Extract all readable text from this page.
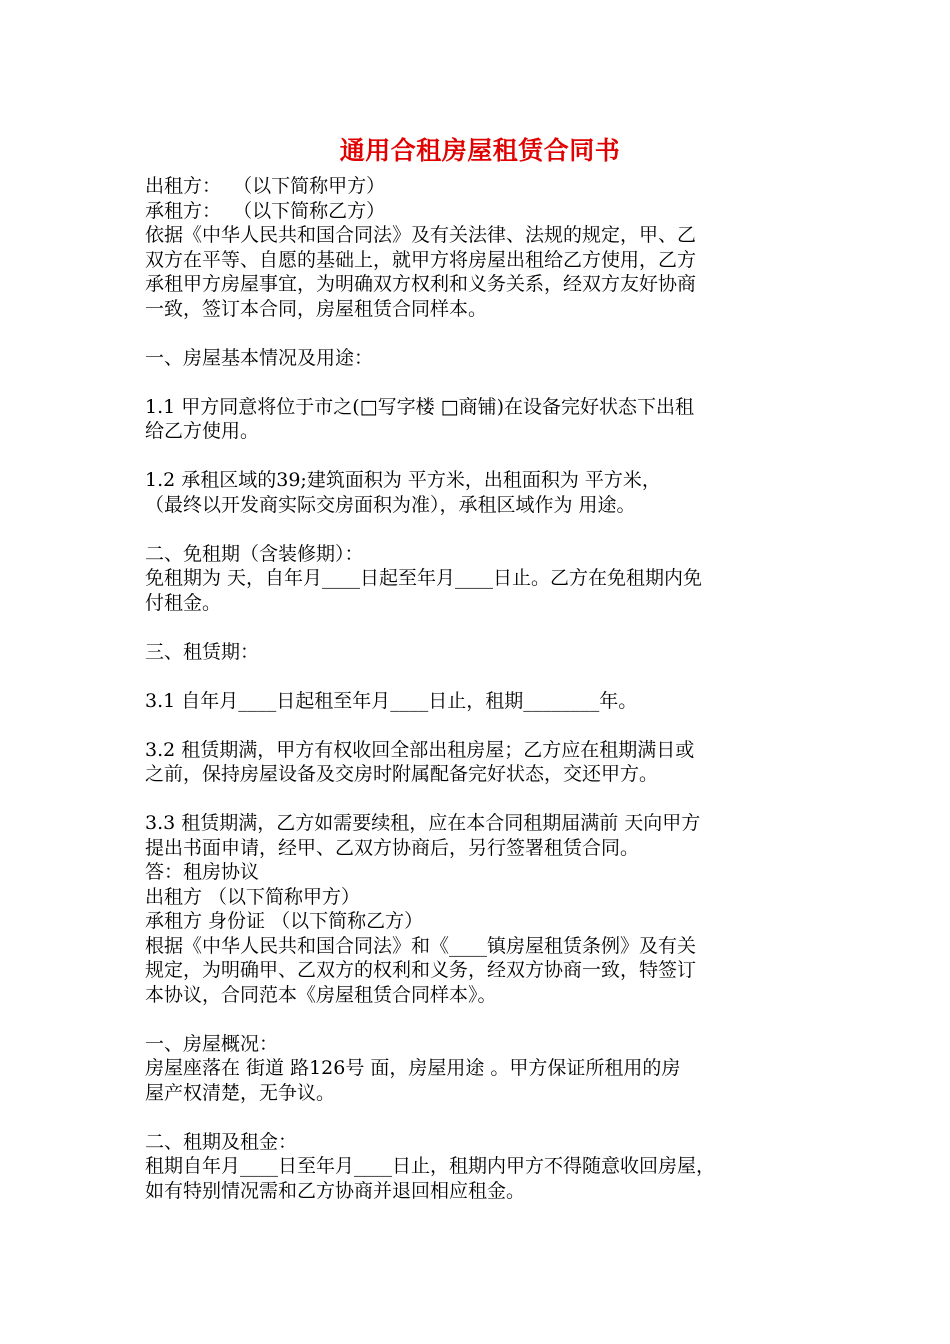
通用合租房屋租赁合同书
出租方：  （以下简称甲方）
承租方：  （以下简称乙方）
依据《中华人民共和国合同法》及有关法律、法规的规定，甲、乙
双方在平等、自愿的基础上，就甲方将房屋出租给乙方使用，乙方
承租甲方房屋事宜，为明确双方权利和义务关系，经双方友好协商
一致，签订本合同，房屋租赁合同样本。
一、房屋基本情况及用途：
1.1 甲方同意将位于市之(□写字楼 □商铺)在设备完好状态下出租
给乙方使用。
1.2 承租区域的39;建筑面积为 平方米，出租面积为 平方米，
（最终以开发商实际交房面积为准），承租区域作为 用途。
二、免租期（含装修期）：
免租期为 天，自年月____日起至年月____日止。乙方在免租期内免
付租金。
三、租赁期：
3.1 自年月____日起租至年月____日止，租期________年。
3.2 租赁期满，甲方有权收回全部出租房屋；乙方应在租期满日或
之前，保持房屋设备及交房时附属配备完好状态，交还甲方。
3.3 租赁期满，乙方如需要续租，应在本合同租期届满前 天向甲方
提出书面申请，经甲、乙双方协商后，另行签署租赁合同。
答：租房协议
出租方 （以下简称甲方）
承租方 身份证 （以下简称乙方）
根据《中华人民共和国合同法》和《____镇房屋租赁条例》及有关
规定，为明确甲、乙双方的权利和义务，经双方协商一致，特签订
本协议，合同范本《房屋租赁合同样本》。
一、房屋概况：
房屋座落在 街道 路126号 面，房屋用途 。甲方保证所租用的房
屋产权清楚，无争议。
二、租期及租金：
租期自年月____日至年月____日止，租期内甲方不得随意收回房屋，
如有特别情况需和乙方协商并退回相应租金。
